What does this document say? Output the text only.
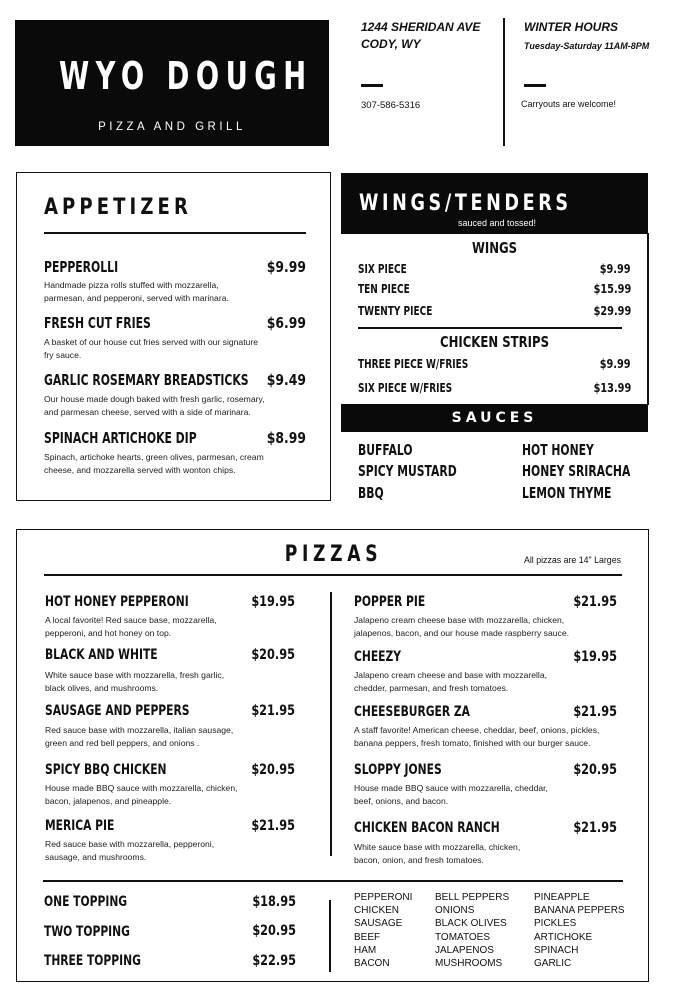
WYO DOUGH
PIZZA AND GRILL
1244 SHERIDAN AVE
CODY, WY
307-586-5316
WINTER HOURS
Tuesday-Saturday 11AM-8PM
Carryouts are welcome!
APPETIZER
PEPPEROLLI	$9.99
Handmade pizza rolls stuffed with mozzarella,
parmesan, and pepperoni, served with marinara.
FRESH CUT FRIES	$6.99
A basket of our house cut fries served with our signature
fry sauce.
GARLIC ROSEMARY BREADSTICKS $9.49
Our house made dough baked with fresh garlic, rosemary,
and parmesan cheese, served with a side of marinara.
SPINACH ARTICHOKE DIP	$8.99
Spinach, artichoke hearts, green olives, parmesan, cream
cheese, and mozzarella served with wonton chips.
WINGS/TENDERS
sauced and tossed!
WINGS
SIX PIECE	$9.99
TEN PIECE	$15.99
TWENTY PIECE	$29.99
CHICKEN STRIPS
THREE PIECE W/FRIES	$9.99
SIX PIECE W/FRIES	$13.99
SAUCES
BUFFALO
SPICY MUSTARD
BBQ
HOT HONEY
HONEY SRIRACHA
LEMON THYME
PIZZAS	All pizzas are 14" Larges
HOT HONEY PEPPERONI	$19.95
A local favorite! Red sauce base, mozzarella,
pepperoni, and hot honey on top.
BLACK AND WHITE	$20.95
White sauce base with mozzarella, fresh garlic,
black olives, and mushrooms.
SAUSAGE AND PEPPERS	$21.95
Red sauce base with mozzarella, italian sausage,
green and red bell peppers, and onions .
SPICY BBQ CHICKEN	$20.95
House made BBQ sauce with mozzarella, chicken,
bacon, jalapenos, and pineapple.
MERICA PIE	$21.95
Red sauce base with mozzarella, pepperoni,
sausage, and mushrooms.
POPPER PIE	$21.95
Jalapeno cream cheese base with mozzarella, chicken,
jalapenos, bacon, and our house made raspberry sauce.
CHEEZY	$19.95
Jalapeno cream cheese and base with mozzarella,
chedder, parmesan, and fresh tomatoes.
CHEESEBURGER ZA	$21.95
A staff favorite! American cheese, cheddar, beef, onions, pickles,
banana peppers, fresh tomato, finished with our burger sauce.
SLOPPY JONES	$20.95
House made BBQ sauce with mozzarella, cheddar,
beef, onions, and bacon.
CHICKEN BACON RANCH	$21.95
White sauce base with mozzarella, chicken,
bacon, onion, and fresh tomatoes.
ONE TOPPING	$18.95
TWO TOPPING	$20.95
THREE TOPPING	$22.95
PEPPERONI
CHICKEN
SAUSAGE
BEEF
HAM
BACON
BELL PEPPERS
ONIONS
BLACK OLIVES
TOMATOES
JALAPENOS
MUSHROOMS
PINEAPPLE
BANANA PEPPERS
PICKLES
ARTICHOKE
SPINACH
GARLIC
